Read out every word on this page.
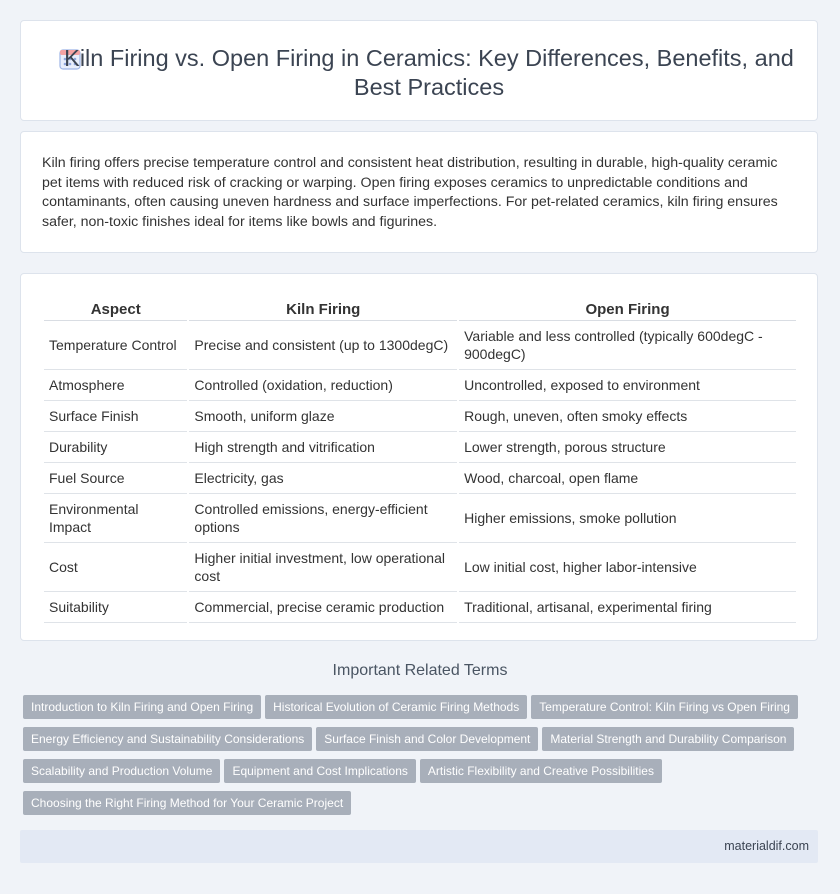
Kiln Firing vs. Open Firing in Ceramics: Key Differences, Benefits, and Best Practices

Kiln firing offers precise temperature control and consistent heat distribution, resulting in durable, high-quality ceramic pet items with reduced risk of cracking or warping. Open firing exposes ceramics to unpredictable conditions and contaminants, often causing uneven hardness and surface imperfections. For pet-related ceramics, kiln firing ensures safer, non-toxic finishes ideal for items like bowls and figurines.

Aspect	Kiln Firing	Open Firing
Temperature Control	Precise and consistent (up to 1300degC)	Variable and less controlled (typically 600degC - 900degC)
Atmosphere	Controlled (oxidation, reduction)	Uncontrolled, exposed to environment
Surface Finish	Smooth, uniform glaze	Rough, uneven, often smoky effects
Durability	High strength and vitrification	Lower strength, porous structure
Fuel Source	Electricity, gas	Wood, charcoal, open flame
Environmental Impact	Controlled emissions, energy-efficient options	Higher emissions, smoke pollution
Cost	Higher initial investment, low operational cost	Low initial cost, higher labor-intensive
Suitability	Commercial, precise ceramic production	Traditional, artisanal, experimental firing
Important Related Terms
Introduction to Kiln Firing and Open Firing Historical Evolution of Ceramic Firing Methods Temperature Control: Kiln Firing vs Open Firing
Energy Efficiency and Sustainability Considerations Surface Finish and Color Development Material Strength and Durability Comparison
Scalability and Production Volume Equipment and Cost Implications Artistic Flexibility and Creative Possibilities
Choosing the Right Firing Method for Your Ceramic Project
materialdif.com
